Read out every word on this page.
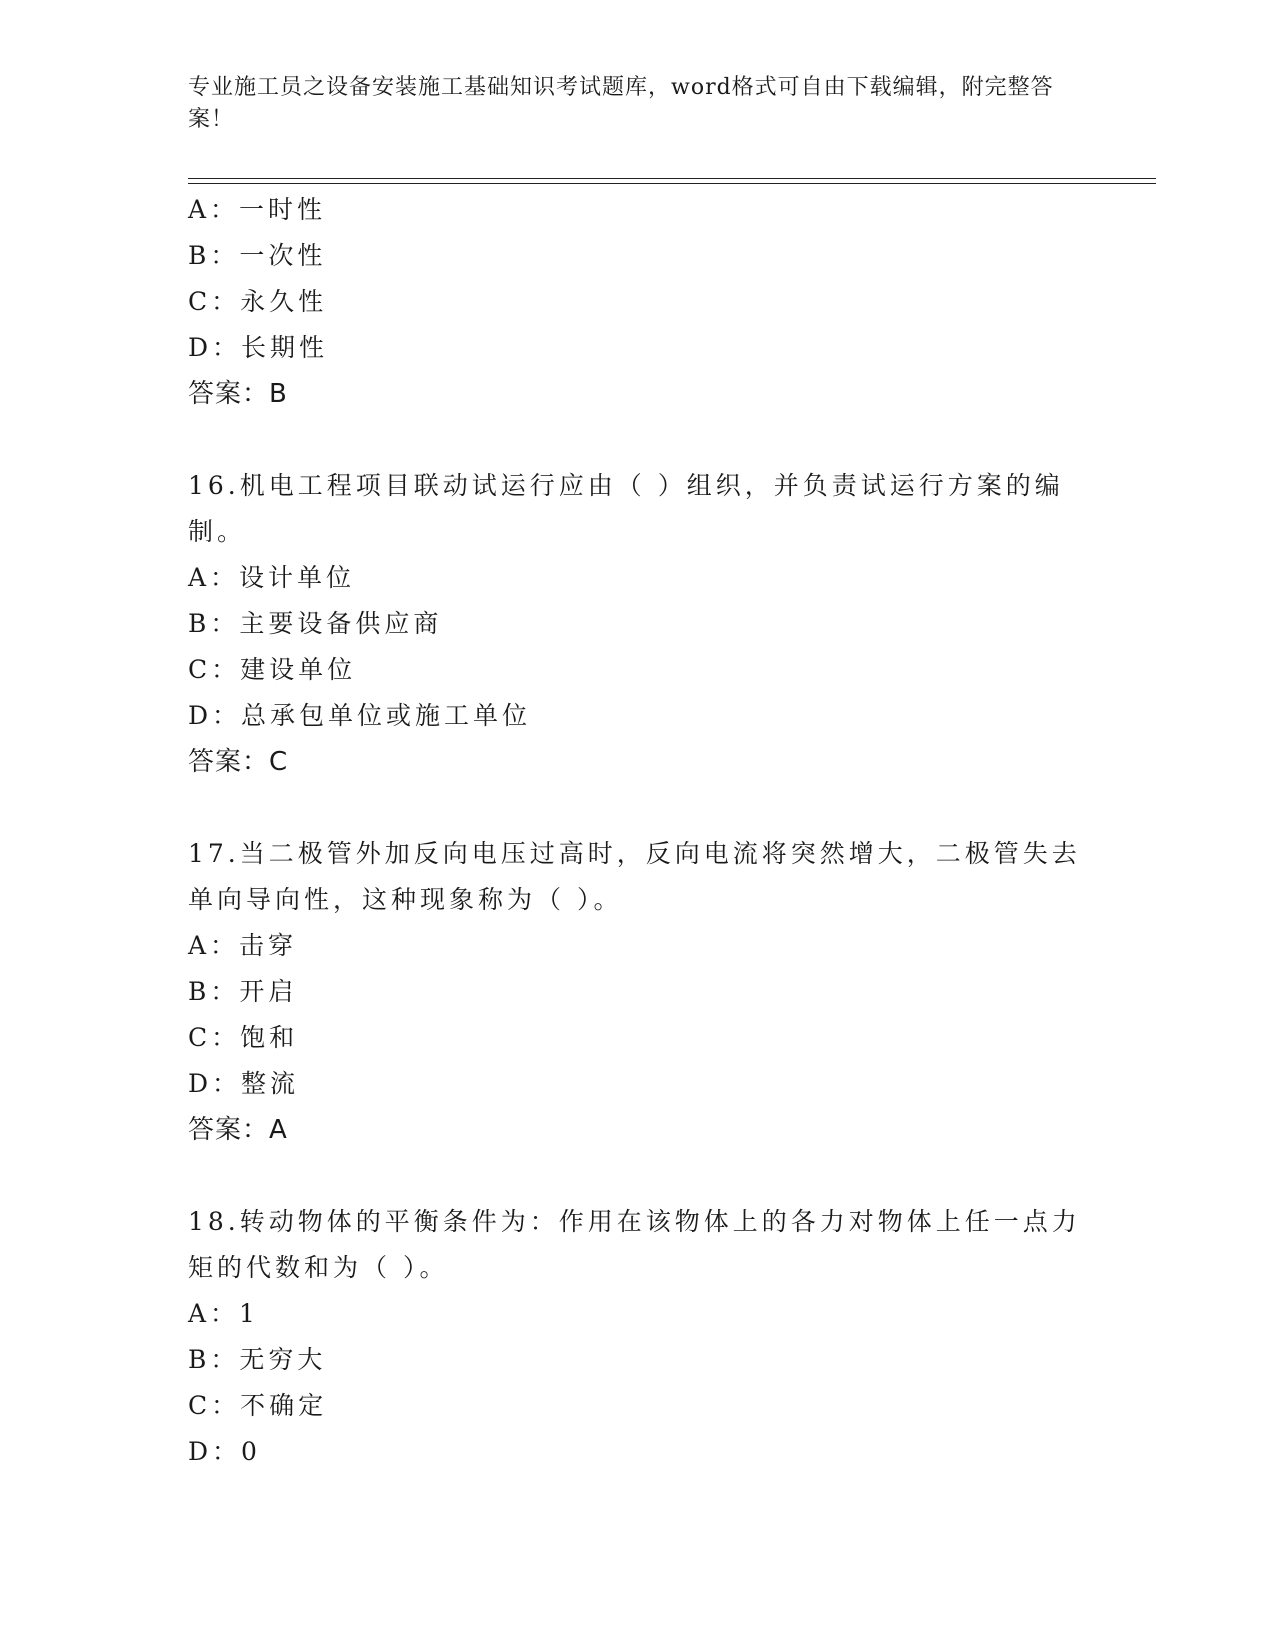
专业施工员之设备安装施工基础知识考试题库，word格式可自由下载编辑，附完整答案！
A：一时性
B：一次性
C：永久性
D：长期性
答案：B
16.机电工程项目联动试运行应由（ ）组织，并负责试运行方案的编
制。
A：设计单位
B：主要设备供应商
C：建设单位
D：总承包单位或施工单位
答案：C
17.当二极管外加反向电压过高时，反向电流将突然增大，二极管失去
单向导向性，这种现象称为（ ）。
A：击穿
B：开启
C：饱和
D：整流
答案：A
18.转动物体的平衡条件为：作用在该物体上的各力对物体上任一点力
矩的代数和为（ ）。
A：1
B：无穷大
C：不确定
D：0
